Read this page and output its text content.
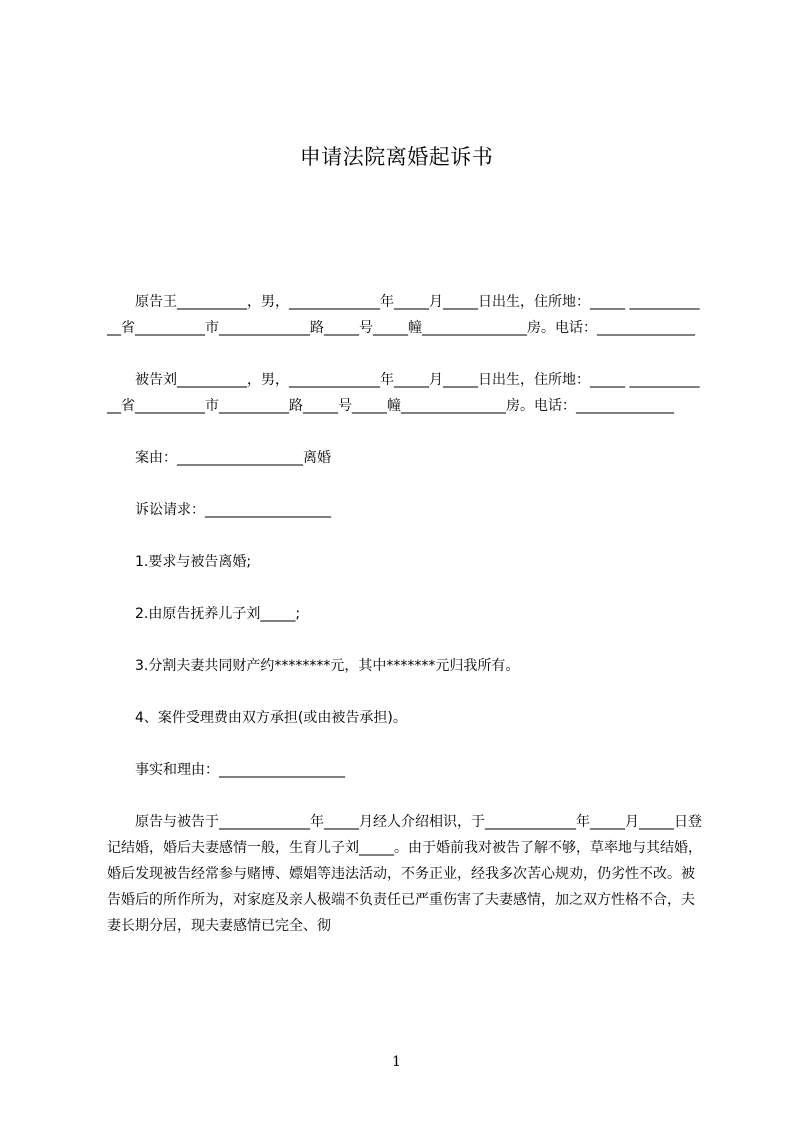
申请法院离婚起诉书

原告王__________，男，_____________年_____月_____日出生，住所地：_____ ____________省__________市_____________路_____号_____幢_______________房。电话：______________

被告刘__________，男，_____________年_____月_____日出生，住所地：_____ ____________省__________市__________路_____号_____幢_______________房。电话：______________

案由：__________________离婚

诉讼请求：__________________

1.要求与被告离婚;

2.由原告抚养儿子刘_____;

3.分割夫妻共同财产约********元，其中*******元归我所有。

4、案件受理费由双方承担(或由被告承担)。

事实和理由：__________________

原告与被告于_____________年_____月经人介绍相识，于_____________年_____月_____日登记结婚，婚后夫妻感情一般，生育儿子刘_____。由于婚前我对被告了解不够，草率地与其结婚，婚后发现被告经常参与赌博、嫖娼等违法活动，不务正业，经我多次苦心规劝，仍劣性不改。被告婚后的所作所为，对家庭及亲人极端不负责任已严重伤害了夫妻感情，加之双方性格不合，夫妻长期分居，现夫妻感情已完全、彻

1
